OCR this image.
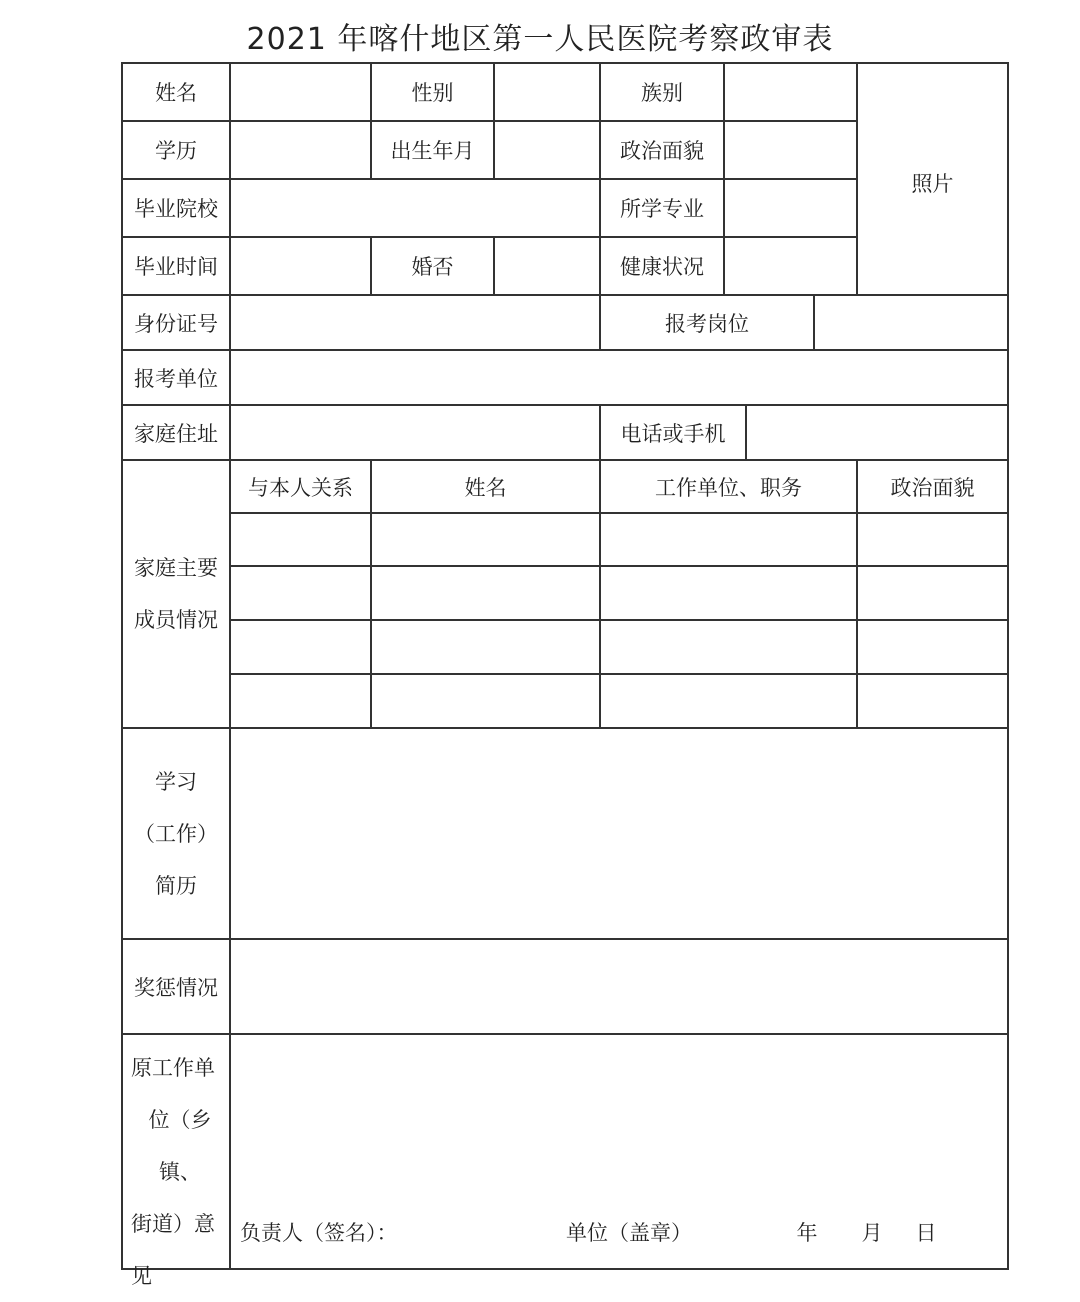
2021 年喀什地区第一人民医院考察政审表
姓名	性别	族别
照片
学历	出生年月	政治面貌
毕业院校	所学专业
毕业时间	婚否	健康状况
身份证号	报考岗位
报考单位
家庭住址	电话或手机
家庭主要
成员情况
与本人关系	姓名	工作单位、职务	政治面貌
学习
（工作）
简历
奖惩情况
原工作单
位（乡镇、
街道）意
见
负责人（签名）：	单位（盖章）	年 月 日
